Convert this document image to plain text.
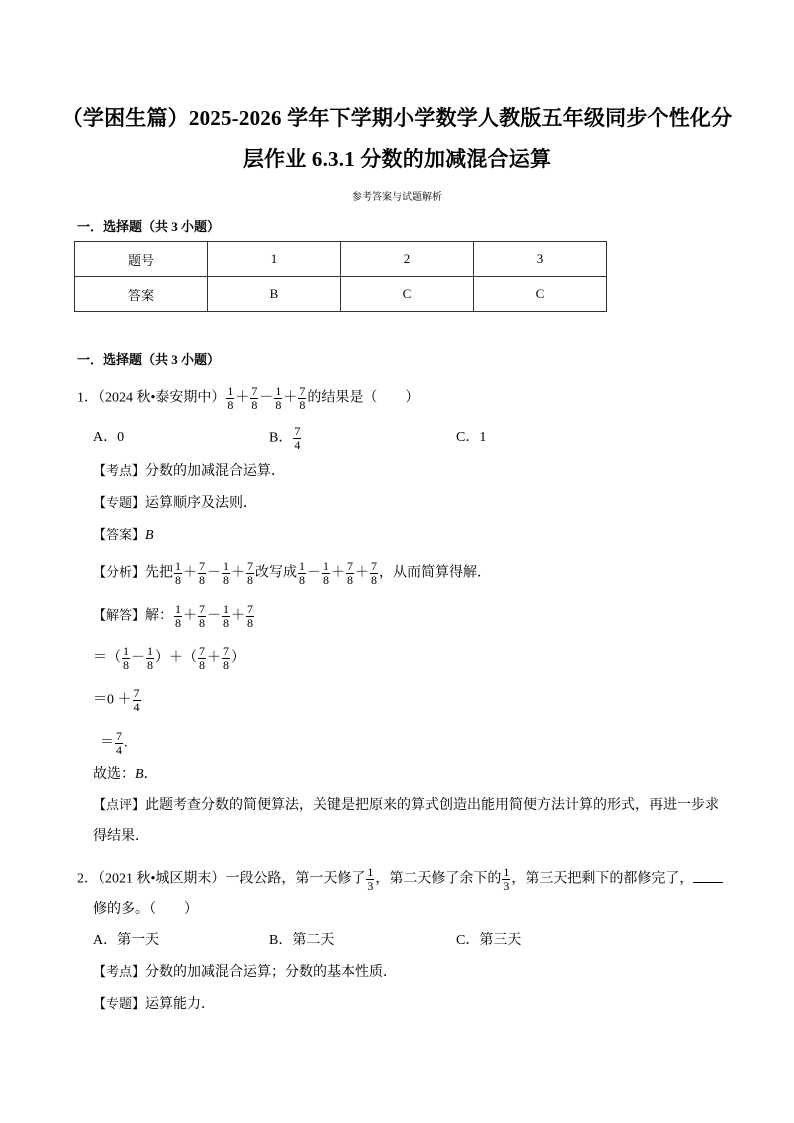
（学困生篇）2025-2026 学年下学期小学数学人教版五年级同步个性化分
层作业 6.3.1 分数的加减混合运算
参考答案与试题解析
一．选择题（共 3 小题）
题号	1	2	3
答案	B	C	C
一．选择题（共 3 小题）
1．（2024 秋•泰安期中） $\frac{1}{8} + \frac{7}{8} - \frac{1}{8} + \frac{7}{8}$ 的结果是（　　）
A．0	B． $\frac{7}{4}$	C．1
【考点】分数的加减混合运算．
【专题】运算顺序及法则．
【答案】B
【分析】先把 $\frac{1}{8} + \frac{7}{8} - \frac{1}{8} + \frac{7}{8}$ 改写成 $\frac{1}{8} - \frac{1}{8} + \frac{7}{8} + \frac{7}{8}$ ，从而简算得解．
【解答】解： $\frac{1}{8} + \frac{7}{8} - \frac{1}{8} + \frac{7}{8}$
＝（ $\frac{1}{8} - \frac{1}{8}$ ）＋（ $\frac{7}{8} + \frac{7}{8}$ ）
$=0 + \frac{7}{4}$
＝ $\frac{7}{4}$ .
故选：B．
【点评】此题考查分数的简便算法，关键是把原来的算式创造出能用简便方法计算的形式，再进一步求
得结果．
2．（2021 秋•城区期末）一段公路，第一天修了 $\frac{1}{3}$ ，第二天修了余下的 $\frac{1}{3}$ ，第三天把剩下的都修完了，
修的多。（　　）
A．第一天	B．第二天	C．第三天
【考点】分数的加减混合运算；分数的基本性质．
【专题】运算能力．
